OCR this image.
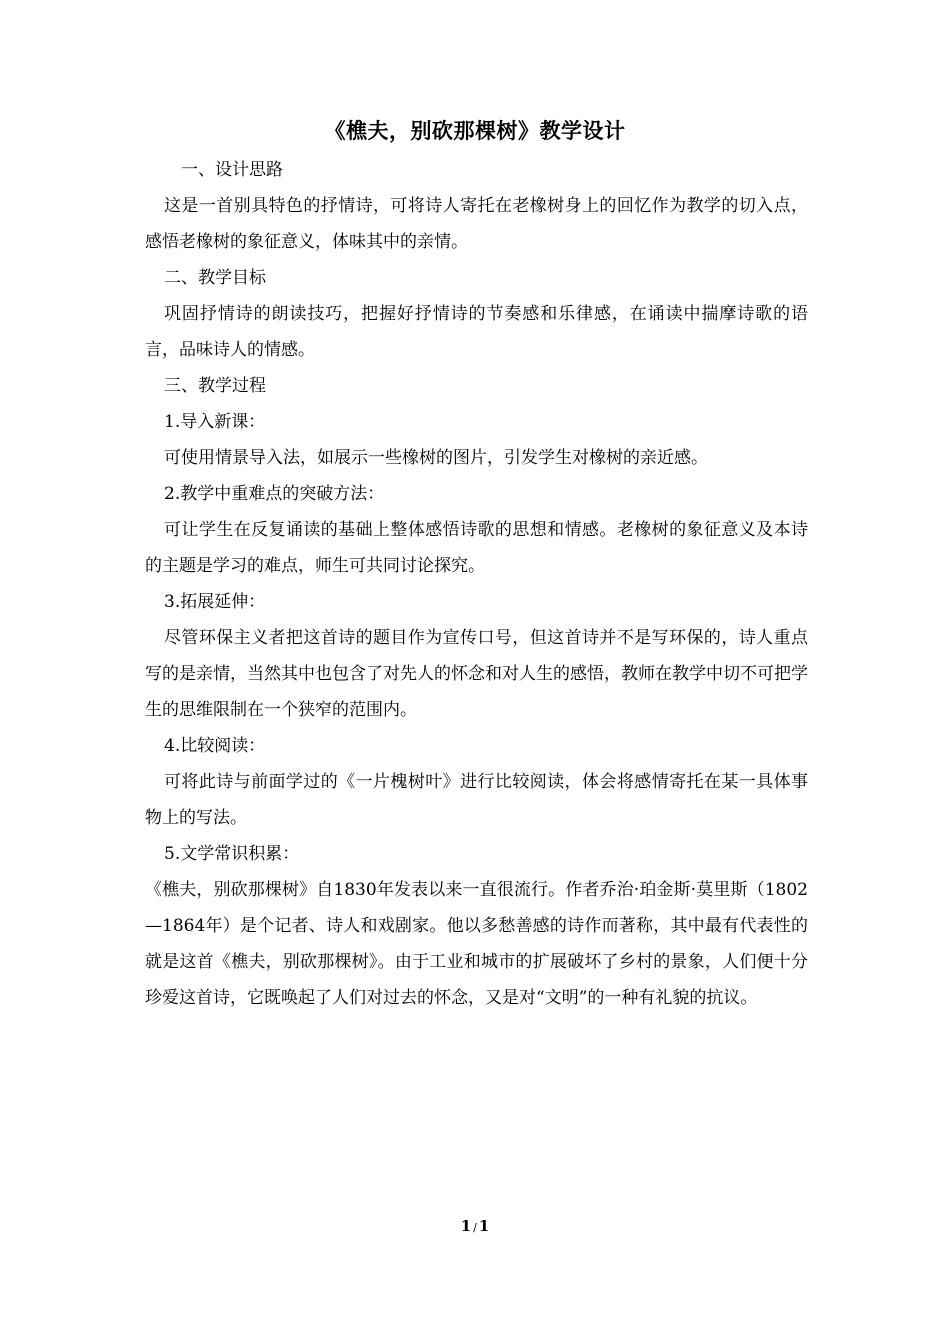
《樵夫，别砍那棵树》教学设计

一、设计思路

这是一首别具特色的抒情诗，可将诗人寄托在老橡树身上的回忆作为教学的切入点，感悟老橡树的象征意义，体味其中的亲情。

二、教学目标

巩固抒情诗的朗读技巧，把握好抒情诗的节奏感和乐律感，在诵读中揣摩诗歌的语言，品味诗人的情感。

三、教学过程

1.导入新课：

可使用情景导入法，如展示一些橡树的图片，引发学生对橡树的亲近感。

2.教学中重难点的突破方法：

可让学生在反复诵读的基础上整体感悟诗歌的思想和情感。老橡树的象征意义及本诗的主题是学习的难点，师生可共同讨论探究。

3.拓展延伸：

尽管环保主义者把这首诗的题目作为宣传口号，但这首诗并不是写环保的，诗人重点写的是亲情，当然其中也包含了对先人的怀念和对人生的感悟，教师在教学中切不可把学生的思维限制在一个狭窄的范围内。

4.比较阅读：

可将此诗与前面学过的《一片槐树叶》进行比较阅读，体会将感情寄托在某一具体事物上的写法。

5.文学常识积累：

《樵夫，别砍那棵树》自1830年发表以来一直很流行。作者乔治·珀金斯·莫里斯（1802—1864年）是个记者、诗人和戏剧家。他以多愁善感的诗作而著称，其中最有代表性的就是这首《樵夫，别砍那棵树》。由于工业和城市的扩展破坏了乡村的景象，人们便十分珍爱这首诗，它既唤起了人们对过去的怀念，又是对“文明”的一种有礼貌的抗议。

1 / 1
